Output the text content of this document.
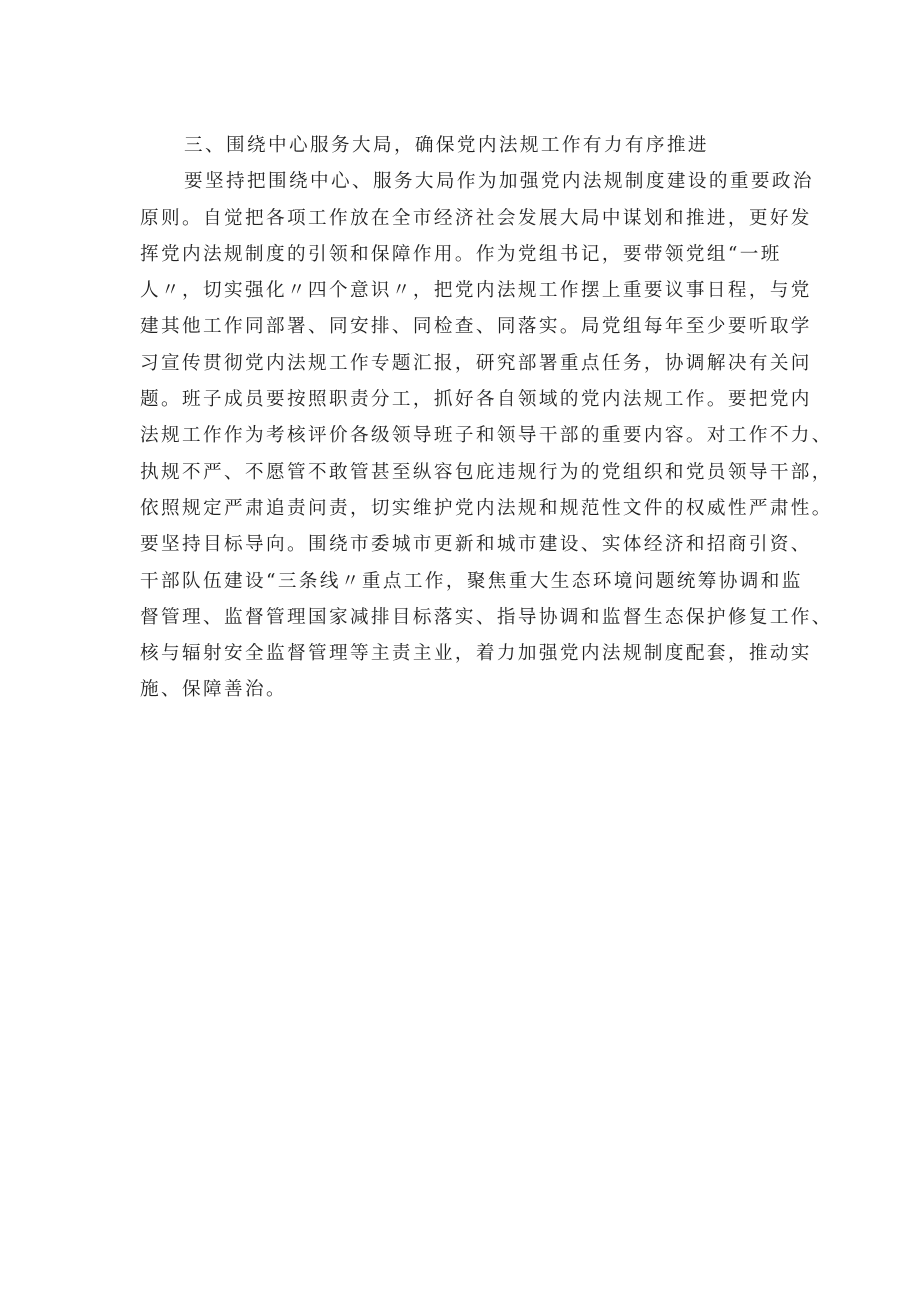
三、围绕中心服务大局，确保党内法规工作有力有序推进
要坚持把围绕中心、服务大局作为加强党内法规制度建设的重要政治
原则。自觉把各项工作放在全市经济社会发展大局中谋划和推进，更好发
挥党内法规制度的引领和保障作用。作为党组书记，要带领党组“一班
人〃，切实强化〃四个意识〃，把党内法规工作摆上重要议事日程，与党
建其他工作同部署、同安排、同检查、同落实。局党组每年至少要听取学
习宣传贯彻党内法规工作专题汇报，研究部署重点任务，协调解决有关问
题。班子成员要按照职责分工，抓好各自领域的党内法规工作。要把党内
法规工作作为考核评价各级领导班子和领导干部的重要内容。对工作不力、
执规不严、不愿管不敢管甚至纵容包庇违规行为的党组织和党员领导干部，
依照规定严肃追责问责，切实维护党内法规和规范性文件的权威性严肃性。
要坚持目标导向。围绕市委城市更新和城市建设、实体经济和招商引资、
干部队伍建设“三条线〃重点工作，聚焦重大生态环境问题统筹协调和监
督管理、监督管理国家减排目标落实、指导协调和监督生态保护修复工作、
核与辐射安全监督管理等主责主业，着力加强党内法规制度配套，推动实
施、保障善治。
